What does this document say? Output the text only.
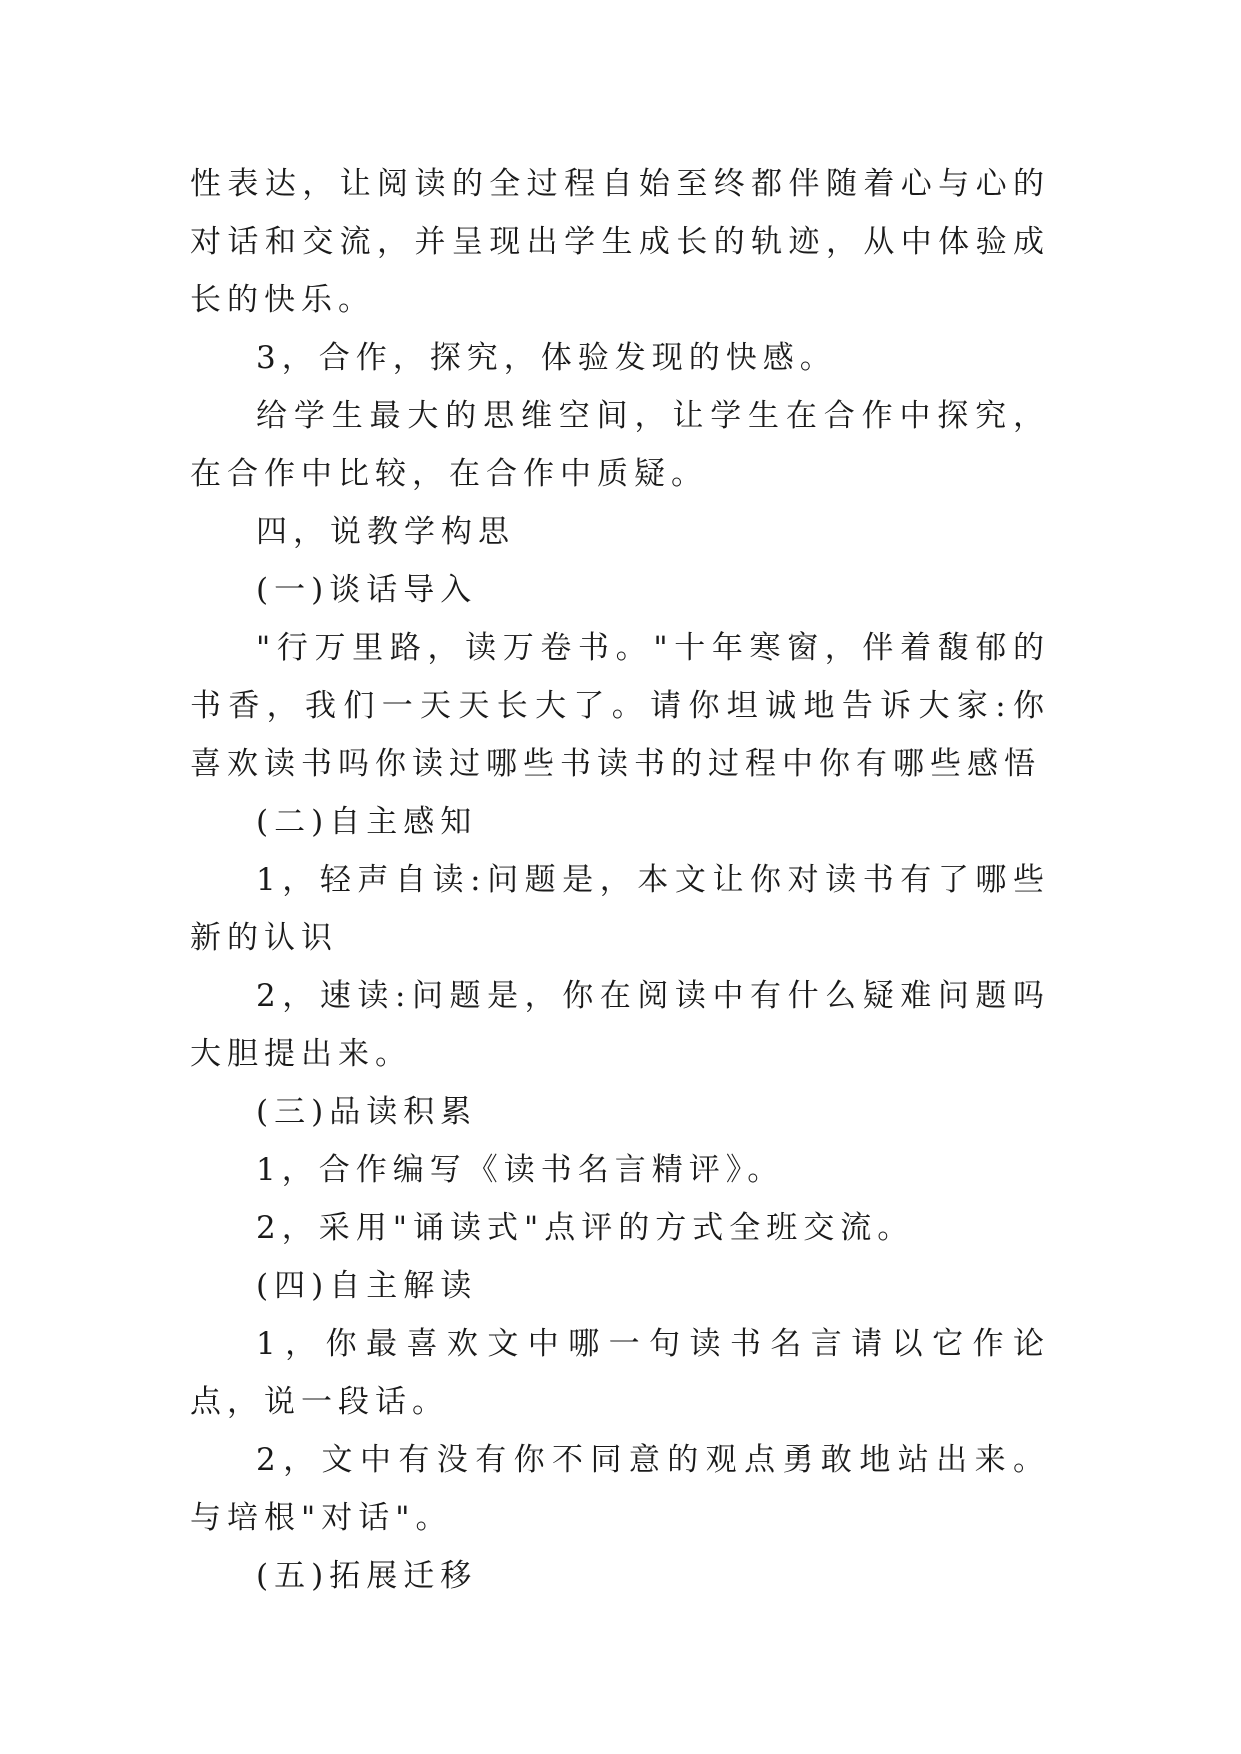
性表达，让阅读的全过程自始至终都伴随着心与心的对话和交流，并呈现出学生成长的轨迹，从中体验成长的快乐。

3，合作，探究，体验发现的快感。

给学生最大的思维空间，让学生在合作中探究，在合作中比较，在合作中质疑。

四，说教学构思

(一)谈话导入

"行万里路，读万卷书。"十年寒窗，伴着馥郁的书香，我们一天天长大了。请你坦诚地告诉大家:你喜欢读书吗你读过哪些书读书的过程中你有哪些感悟

(二)自主感知

1，轻声自读:问题是，本文让你对读书有了哪些新的认识

2，速读:问题是，你在阅读中有什么疑难问题吗大胆提出来。

(三)品读积累

1，合作编写《读书名言精评》。

2，采用"诵读式"点评的方式全班交流。

(四)自主解读

1，你最喜欢文中哪一句读书名言请以它作论点，说一段话。

2，文中有没有你不同意的观点勇敢地站出来。与培根"对话"。

(五)拓展迁移
